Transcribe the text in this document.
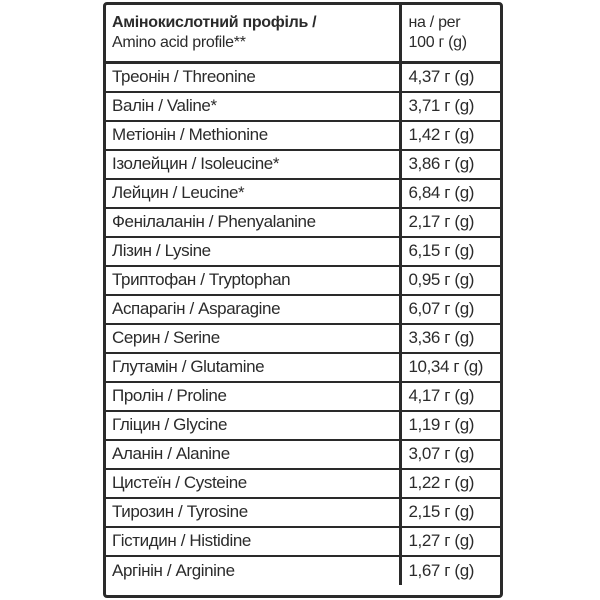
Амінокислотний профіль /
Amino acid profile**	на / per
100 г (g)

Треонін / Threonine	4,37 г (g)
Валін / Valine*	3,71 г (g)
Метіонін / Methionine	1,42 г (g)
Ізолейцин / Isoleucine*	3,86 г (g)
Лейцин / Leucine*	6,84 г (g)
Фенілаланін / Phenyalanine	2,17 г (g)
Лізин / Lysine	6,15 г (g)
Триптофан / Tryptophan	0,95 г (g)
Аспарагін / Asparagine	6,07 г (g)
Серин / Serine	3,36 г (g)
Глутамін / Glutamine	10,34 г (g)
Пролін / Proline	4,17 г (g)
Гліцин / Glycine	1,19 г (g)
Аланін / Alanine	3,07 г (g)
Цистеїн / Cysteine	1,22 г (g)
Тирозин / Tyrosine	2,15 г (g)
Гістидин / Histidine	1,27 г (g)
Аргінін / Arginine	1,67 г (g)
